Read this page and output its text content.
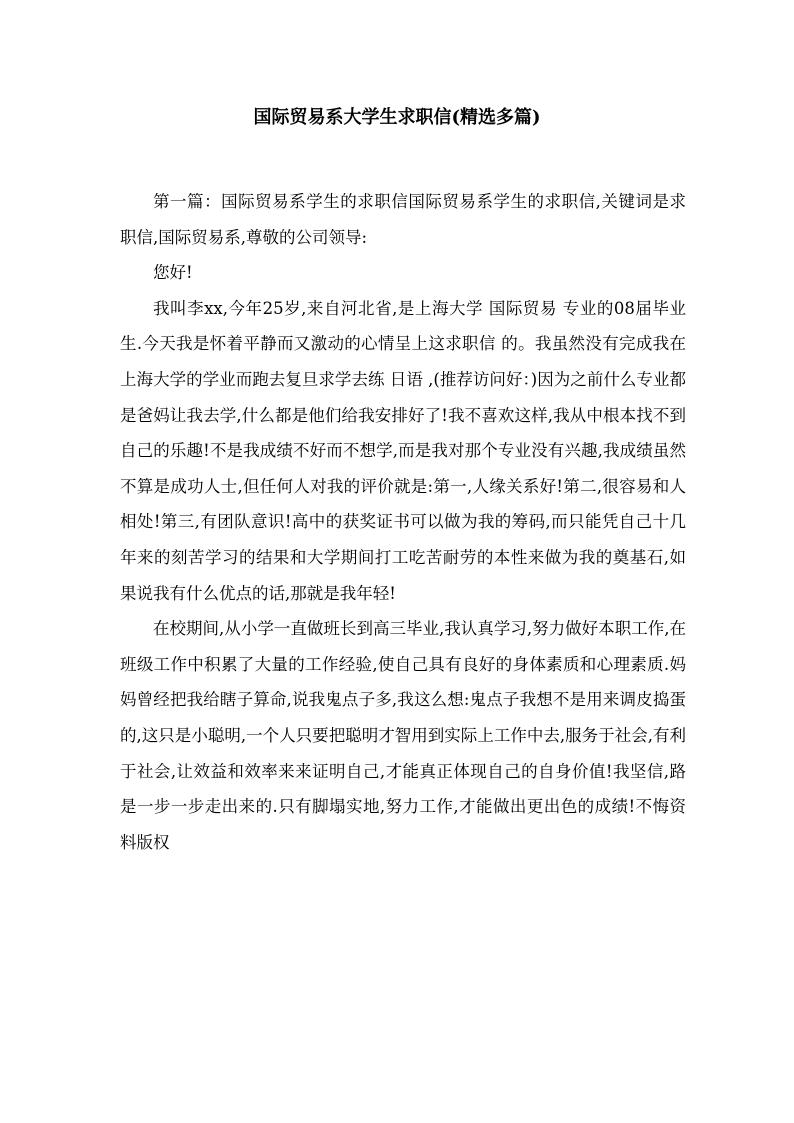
国际贸易系大学生求职信(精选多篇)

第一篇：国际贸易系学生的求职信国际贸易系学生的求职信,关键词是求职信,国际贸易系,尊敬的公司领导:

您好!

我叫李xx,今年25岁,来自河北省,是上海大学 国际贸易 专业的08届毕业生.今天我是怀着平静而又激动的心情呈上这求职信 的。我虽然没有完成我在上海大学的学业而跑去复旦求学去练 日语 ,(推荐访问好：)因为之前什么专业都是爸妈让我去学,什么都是他们给我安排好了!我不喜欢这样,我从中根本找不到自己的乐趣!不是我成绩不好而不想学,而是我对那个专业没有兴趣,我成绩虽然不算是成功人士,但任何人对我的评价就是:第一,人缘关系好!第二,很容易和人相处!第三,有团队意识!高中的获奖证书可以做为我的筹码,而只能凭自己十几年来的刻苦学习的结果和大学期间打工吃苦耐劳的本性来做为我的奠基石,如果说我有什么优点的话,那就是我年轻!

在校期间,从小学一直做班长到高三毕业,我认真学习,努力做好本职工作,在班级工作中积累了大量的工作经验,使自己具有良好的身体素质和心理素质.妈妈曾经把我给瞎子算命,说我鬼点子多,我这么想:鬼点子我想不是用来调皮捣蛋的,这只是小聪明,一个人只要把聪明才智用到实际上工作中去,服务于社会,有利于社会,让效益和效率来来证明自己,才能真正体现自己的自身价值!我坚信,路是一步一步走出来的.只有脚塌实地,努力工作,才能做出更出色的成绩!不悔资料版权
